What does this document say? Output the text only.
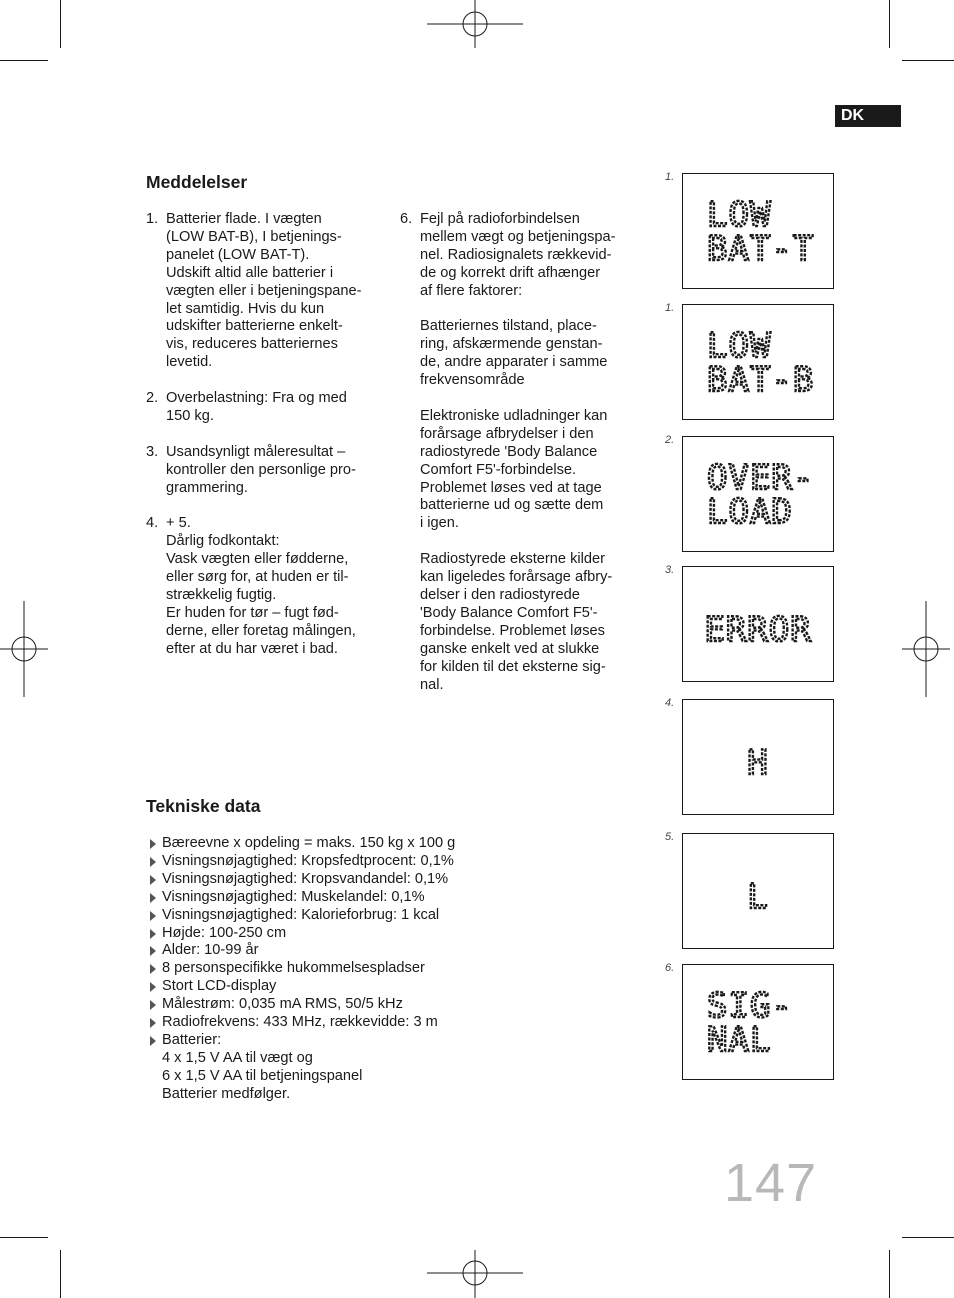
DK
Meddelelser
1. Batterier flade. I vægten
(LOW BAT-B), I betjenings-
panelet (LOW BAT-T).
Udskift altid alle batterier i
vægten eller i betjeningspane-
let samtidig. Hvis du kun
udskifter batterierne enkelt-
vis, reduceres batteriernes
levetid.
2. Overbelastning: Fra og med
150 kg.
3. Usandsynligt måleresultat –
kontroller den personlige pro-
grammering.
4. + 5.
Dårlig fodkontakt:
Vask vægten eller fødderne,
eller sørg for, at huden er til-
strækkelig fugtig.
Er huden for tør – fugt fød-
derne, eller foretag målingen,
efter at du har været i bad.
6. Fejl på radioforbindelsen
mellem vægt og betjeningspa-
nel. Radiosignalets rækkevid-
de og korrekt drift afhænger
af flere faktorer:
Batteriernes tilstand, place-
ring, afskærmende genstan-
de, andre apparater i samme
frekvensområde
Elektroniske udladninger kan
forårsage afbrydelser i den
radiostyrede 'Body Balance
Comfort F5'-forbindelse.
Problemet løses ved at tage
batterierne ud og sætte dem
i igen.
Radiostyrede eksterne kilder
kan ligeledes forårsage afbry-
delser i den radiostyrede
'Body Balance Comfort F5'-
forbindelse. Problemet løses
ganske enkelt ved at slukke
for kilden til det eksterne sig-
nal.
Tekniske data
Bæreevne x opdeling = maks. 150 kg x 100 g
Visningsnøjagtighed: Kropsfedtprocent: 0,1%
Visningsnøjagtighed: Kropsvandandel: 0,1%
Visningsnøjagtighed: Muskelandel: 0,1%
Visningsnøjagtighed: Kalorieforbrug: 1 kcal
Højde: 100-250 cm
Alder: 10-99 år
8 personspecifikke hukommelsespladser
Stort LCD-display
Målestrøm: 0,035 mA RMS, 50/5 kHz
Radiofrekvens: 433 MHz, rækkevidde: 3 m
Batterier:
4 x 1,5 V AA til vægt og
6 x 1,5 V AA til betjeningspanel
Batterier medfølger.
1.
LOW
BAT-T
1.
LOW
BAT-B
2.
OVER-
LOAD
3.
ERROR
4.
H
5.
L
6.
SIG-
NAL
147
